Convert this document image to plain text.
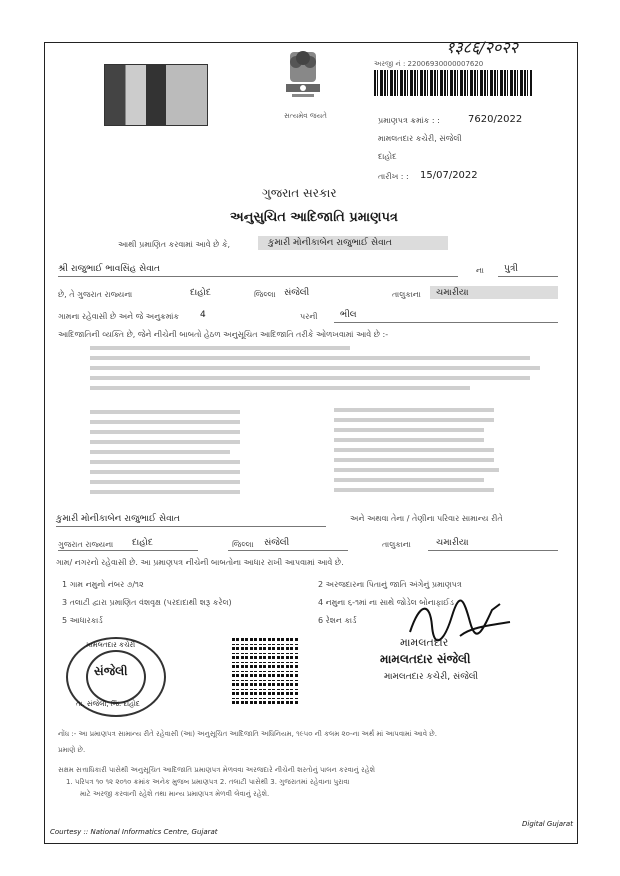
१३८६/२०२२
સત્યમેવ જયતે
અરજી નં : 22006930000007620
પ્રમાણપત્ર ક્રમાંક : :	7620/2022
મામલતદાર કચેરી, સંજેલી
દાહોદ
તારીખ : : 15/07/2022
ગુજરાત સરકાર
અનુસુચિત આદિજાતિ પ્રમાણપત્ર
આથી પ્રમાણિત કરવામાં આવે છે કે,	કુમારી મોનીકાબેન રાજુભાઈ સેવાત
શ્રી રાજુભાઈ ભાવસિંહ સેવાત	ના પુત્રી
છે, તે ગુજરાત રાજ્યના	દાહોદ	જિલ્લા સંજેલી	તાલુકાના ચમારીયા
ગામના રહેવાસી છે અને જે અનુક્રમાંક 4	પરની ભીલ
આદિજાતિની વ્યક્તિ છે, જેને નીચેની બાબતો હેઠળ અનુસૂચિત આદિજાતિ તરીકે ઓળખવામાં આવે છે :-
કુમારી મોનીકાબેન રાજુભાઈ સેવાત	અને અથવા તેના / તેણીના પરિવાર સામાન્ય રીતે
ગુજરાત રાજ્યના દાહોદ	જિલ્લા સંજેલી	તાલુકાના	ચમારીયા
ગામ/ નગરનો રહેવાસી છે. આ પ્રમાણપત્ર નીચેની બાબતોના આધાર રાખી આપવામાં આવે છે.
1 ગામ નમુનો નંબર ૭/૧૨	2 અરજદારના પિતાનું જાતિ અંગેનું પ્રમાણપત્ર
3 તલાટી દ્વારા પ્રમાણિત વંશવૃક્ષ (પરદાદાથી શરૂ કરેલ)	4 નમુના ૬-૧માં ના સાથે જોડેલ બોનાફાઈડ
5 આધારકાર્ડ	6 રેશન કાર્ડ
મામલતદાર કચેરી
સંજેલી
તા. સંજેલી, જિ. દાહોદ
મામલતદાર
મામલતદાર સંજેલી
મામલતદાર કચેરી, સંજેલી
નોંધ :- આ પ્રમાણપત્ર સામાન્ય રીતે રહેવાસી (આ) અનુસૂચિત આદિજાતિ અધિનિયમ, ૧૯૫૦ ની કલમ ૨૦-ના અર્થ માં આપવામાં આવે છે.
પ્રમાણે છે.
સક્ષમ સત્તાધિકારી પાસેથી અનુસૂચિત આદિજાતિ પ્રમાણપત્ર મેળવવા અરજદારે નીચેની શરતોનું પાલન કરવાનું રહેશે
1. પરિપત્ર ૧૦ ૧૨ ૨૦૧૦ ક્રમાંક અનેક મુજબ પ્રમાણપત્ર 2. તલાટી પાસેથી 3. ગુજરાતમાં રહેવાના પુરાવા
માટે અરજી કરવાની રહેશે તથા માન્ય પ્રમાણપત્ર મેળવી લેવાનું રહેશે.
Courtesy :: National Informatics Centre, Gujarat
Digital Gujarat
